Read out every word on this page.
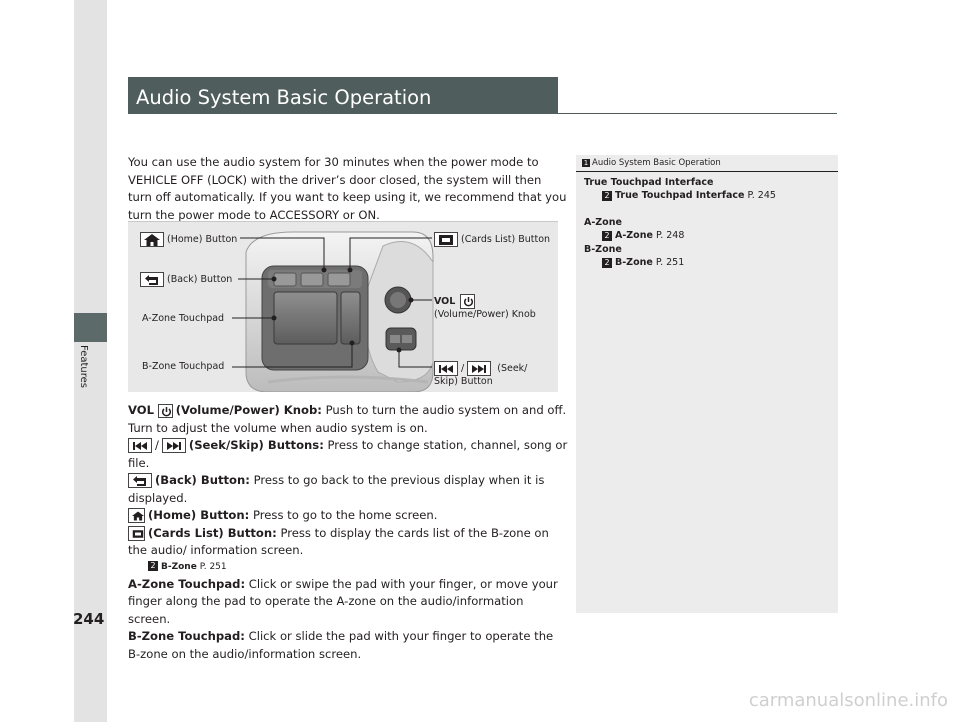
Features
Audio System Basic Operation
You can use the audio system for 30 minutes when the power mode to VEHICLE OFF (LOCK) with the driver’s door closed, the system will then turn off automatically. If you want to keep using it, we recommend that you turn the power mode to ACCESSORY or ON.
(Home) Button	(Cards List) Button
(Back) Button
VOL

(Volume/Power) Knob
A-Zone Touchpad
B-Zone Touchpad	/	(Seek/
Skip) Button

VOL (Volume/Power) Knob: Push to turn the audio system on and off. Turn to adjust the volume when audio system is on.

/	(Seek/Skip) Buttons: Press to change station, channel, song or file.

(Back) Button: Press to go back to the previous display when it is displayed.

(Home) Button: Press to go to the home screen.

(Cards List) Button: Press to display the cards list of the B-zone on the audio/ information screen.

2 B-Zone P. 251

A-Zone Touchpad: Click or swipe the pad with your finger, or move your finger along the pad to operate the A-zone on the audio/information screen.

B-Zone Touchpad: Click or slide the pad with your finger to operate the B-zone on the audio/information screen.

1 Audio System Basic Operation
True Touchpad Interface
2 True Touchpad Interface P. 245
A-Zone
2 A-Zone P. 248
B-Zone
2 B-Zone P. 251
244
carmanualsonline.info
